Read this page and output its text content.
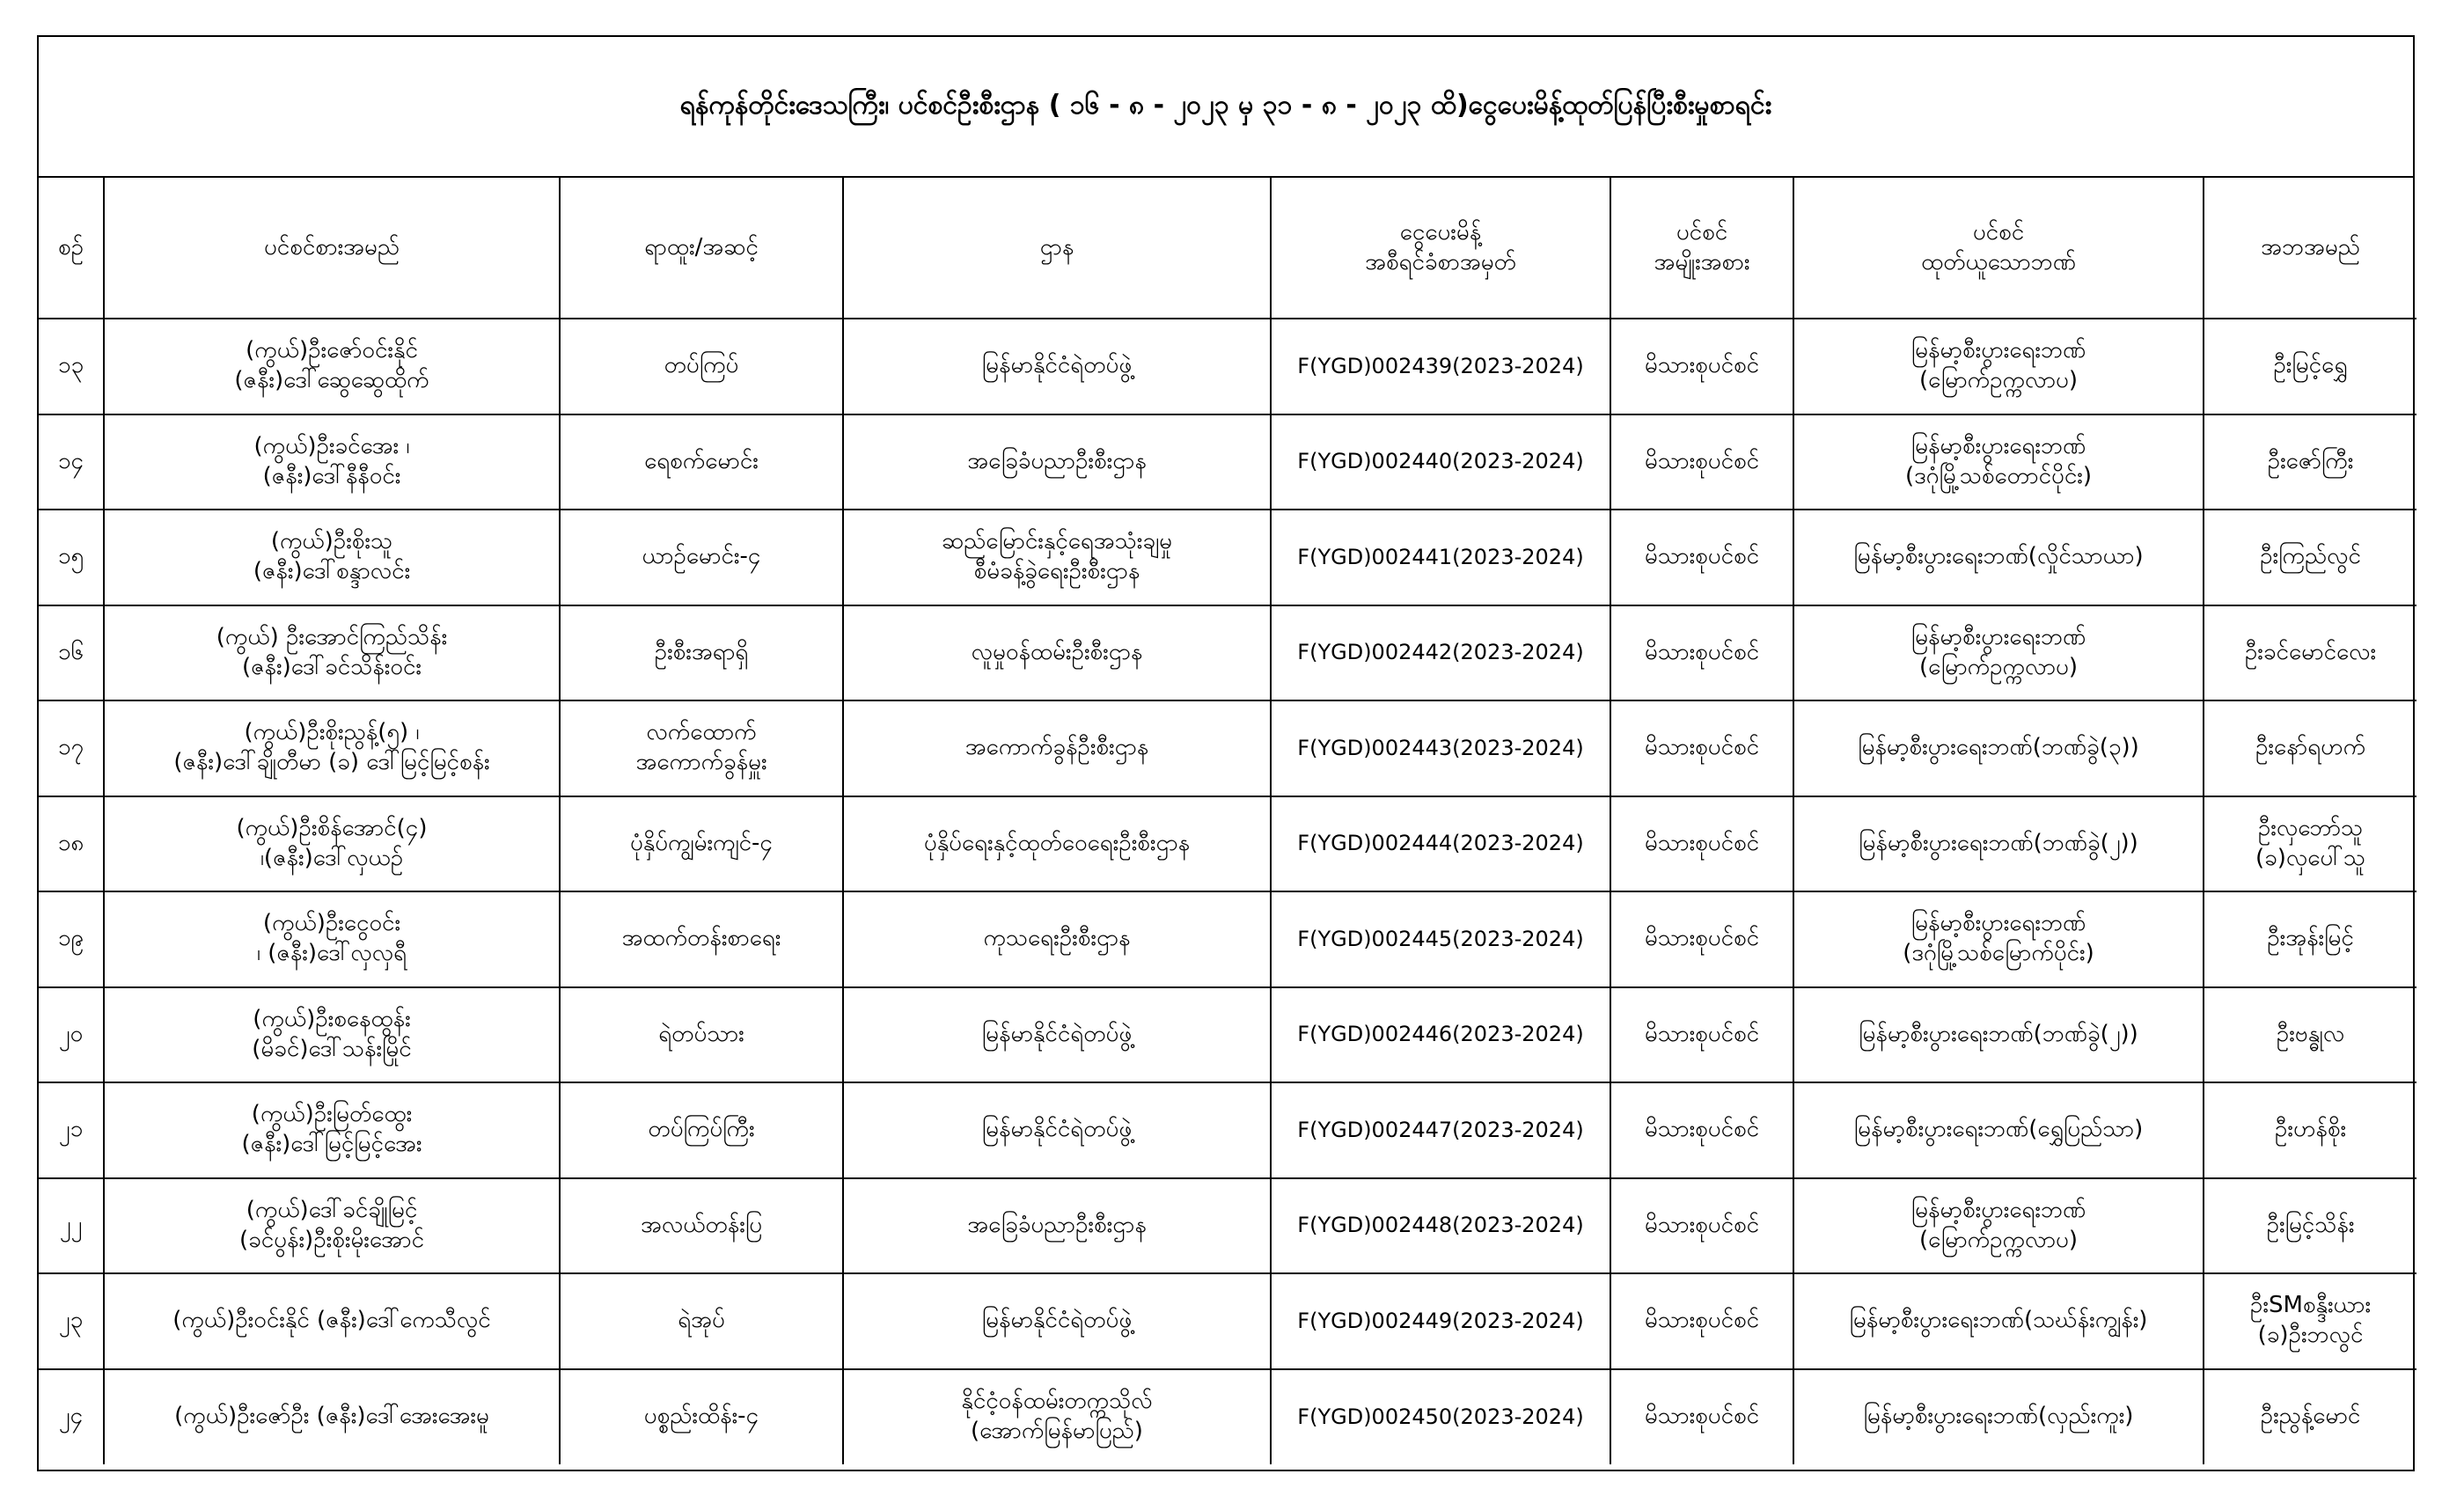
ရန်ကုန်တိုင်းဒေသကြီး၊ ပင်စင်ဦးစီးဌာန ( ၁၆ - ၈ - ၂၀၂၃ မှ ၃၁ - ၈ - ၂၀၂၃ ထိ)ငွေပေးမိန့်ထုတ်ပြန်ပြီးစီးမှုစာရင်း
စဉ်	ပင်စင်စားအမည်	ရာထူး/အဆင့်	ဌာန	ငွေပေးမိန့်
အစီရင်ခံစာအမှတ်	ပင်စင်
အမျိုးအစား	ပင်စင်
ထုတ်ယူသောဘဏ်	အဘအမည်

၁၃	(ကွယ်)ဦးဇော်ဝင်းနိုင်
(ဇနီး)ဒေါ်ဆွေဆွေထိုက်	တပ်ကြပ်	မြန်မာနိုင်ငံရဲတပ်ဖွဲ့	F(YGD)002439(2023-2024)	မိသားစုပင်စင်	မြန်မာ့စီးပွားရေးဘဏ်
(မြောက်ဥက္ကလာပ)	ဦးမြင့်ရွှေ

၁၄	(ကွယ်)ဦးခင်အေး ၊
(ဇနီး)ဒေါ်နီနီဝင်း	ရေစက်မောင်း	အခြေခံပညာဦးစီးဌာန	F(YGD)002440(2023-2024)	မိသားစုပင်စင်	မြန်မာ့စီးပွားရေးဘဏ်
(ဒဂုံမြို့သစ်တောင်ပိုင်း)	ဦးဇော်ကြီး

၁၅	(ကွယ်)ဦးစိုးသူ
(ဇနီး)ဒေါ်စန္ဒာလင်း	ယာဉ်မောင်း-၄	ဆည်မြောင်းနှင့်ရေအသုံးချမှု
စီမံခန့်ခွဲရေးဦးစီးဌာန	F(YGD)002441(2023-2024)	မိသားစုပင်စင်	မြန်မာ့စီးပွားရေးဘဏ်(လှိုင်သာယာ)	ဦးကြည်လွင်

၁၆	(ကွယ်) ဦးအောင်ကြည်သိန်း
(ဇနီး)ဒေါ်ခင်သိန်းဝင်း	ဦးစီးအရာရှိ	လူမှုဝန်ထမ်းဦးစီးဌာန	F(YGD)002442(2023-2024)	မိသားစုပင်စင်	မြန်မာ့စီးပွားရေးဘဏ်
(မြောက်ဥက္ကလာပ)	ဦးခင်မောင်လေး

၁၇	(ကွယ်)ဦးစိုးညွန့်(၅) ၊
(ဇနီး)ဒေါ်ချိုတီမာ (ခ) ဒေါ်မြင့်မြင့်စန်း	လက်ထောက်
အကောက်ခွန်မှူး	အကောက်ခွန်ဦးစီးဌာန	F(YGD)002443(2023-2024)	မိသားစုပင်စင်	မြန်မာ့စီးပွားရေးဘဏ်(ဘဏ်ခွဲ(၃))	ဦးနော်ရဟက်

၁၈	(ကွယ်)ဦးစိန်အောင်(၄)
၊(ဇနီး)ဒေါ်လှယဉ်	ပုံနှိပ်ကျွမ်းကျင်-၄	ပုံနှိပ်ရေးနှင့်ထုတ်ဝေရေးဦးစီးဌာန	F(YGD)002444(2023-2024)	မိသားစုပင်စင်	မြန်မာ့စီးပွားရေးဘဏ်(ဘဏ်ခွဲ(၂))	ဦးလှဘော်သူ
(ခ)လှပေါ်သူ

၁၉	(ကွယ်)ဦးငွေဝင်း
၊ (ဇနီး)ဒေါ်လှလှရီ	အထက်တန်းစာရေး	ကုသရေးဦးစီးဌာန	F(YGD)002445(2023-2024)	မိသားစုပင်စင်	မြန်မာ့စီးပွားရေးဘဏ်
(ဒဂုံမြို့သစ်မြောက်ပိုင်း)	ဦးအုန်းမြင့်

၂၀	(ကွယ်)ဦးစနေထွန်း
(မိခင်)ဒေါ်သန်းမြိုင်	ရဲတပ်သား	မြန်မာနိုင်ငံရဲတပ်ဖွဲ့	F(YGD)002446(2023-2024)	မိသားစုပင်စင်	မြန်မာ့စီးပွားရေးဘဏ်(ဘဏ်ခွဲ(၂))	ဦးဗန္ဓုလ

၂၁	(ကွယ်)ဦးမြတ်ထွေး
(ဇနီး)ဒေါ်မြင့်မြင့်အေး	တပ်ကြပ်ကြီး	မြန်မာနိုင်ငံရဲတပ်ဖွဲ့	F(YGD)002447(2023-2024)	မိသားစုပင်စင်	မြန်မာ့စီးပွားရေးဘဏ်(ရွှေပြည်သာ)	ဦးဟန်စိုး

၂၂	(ကွယ်)ဒေါ်ခင်ချိုမြင့်
(ခင်ပွန်း)ဦးစိုးမိုးအောင်	အလယ်တန်းပြ	အခြေခံပညာဦးစီးဌာန	F(YGD)002448(2023-2024)	မိသားစုပင်စင်	မြန်မာ့စီးပွားရေးဘဏ်
(မြောက်ဥက္ကလာပ)	ဦးမြင့်သိန်း

၂၃	(ကွယ်)ဦးဝင်းနိုင် (ဇနီး)ဒေါ်ကေသီလွင်	ရဲအုပ်	မြန်မာနိုင်ငံရဲတပ်ဖွဲ့	F(YGD)002449(2023-2024)	မိသားစုပင်စင်	မြန်မာ့စီးပွားရေးဘဏ်(သဃ်န်းကျွန်း)	ဦးSMစန္ဒီးယား
(ခ)ဦးဘလွင်

၂၄	(ကွယ်)ဦးဇော်ဦး (ဇနီး)ဒေါ်အေးအေးမူ	ပစ္စည်းထိန်း-၄	နိုင်ငံ့ဝန်ထမ်းတက္ကသိုလ်
(အောက်မြန်မာပြည်)	F(YGD)002450(2023-2024)	မိသားစုပင်စင်	မြန်မာ့စီးပွားရေးဘဏ်(လှည်းကူး)	ဦးညွန့်မောင်
